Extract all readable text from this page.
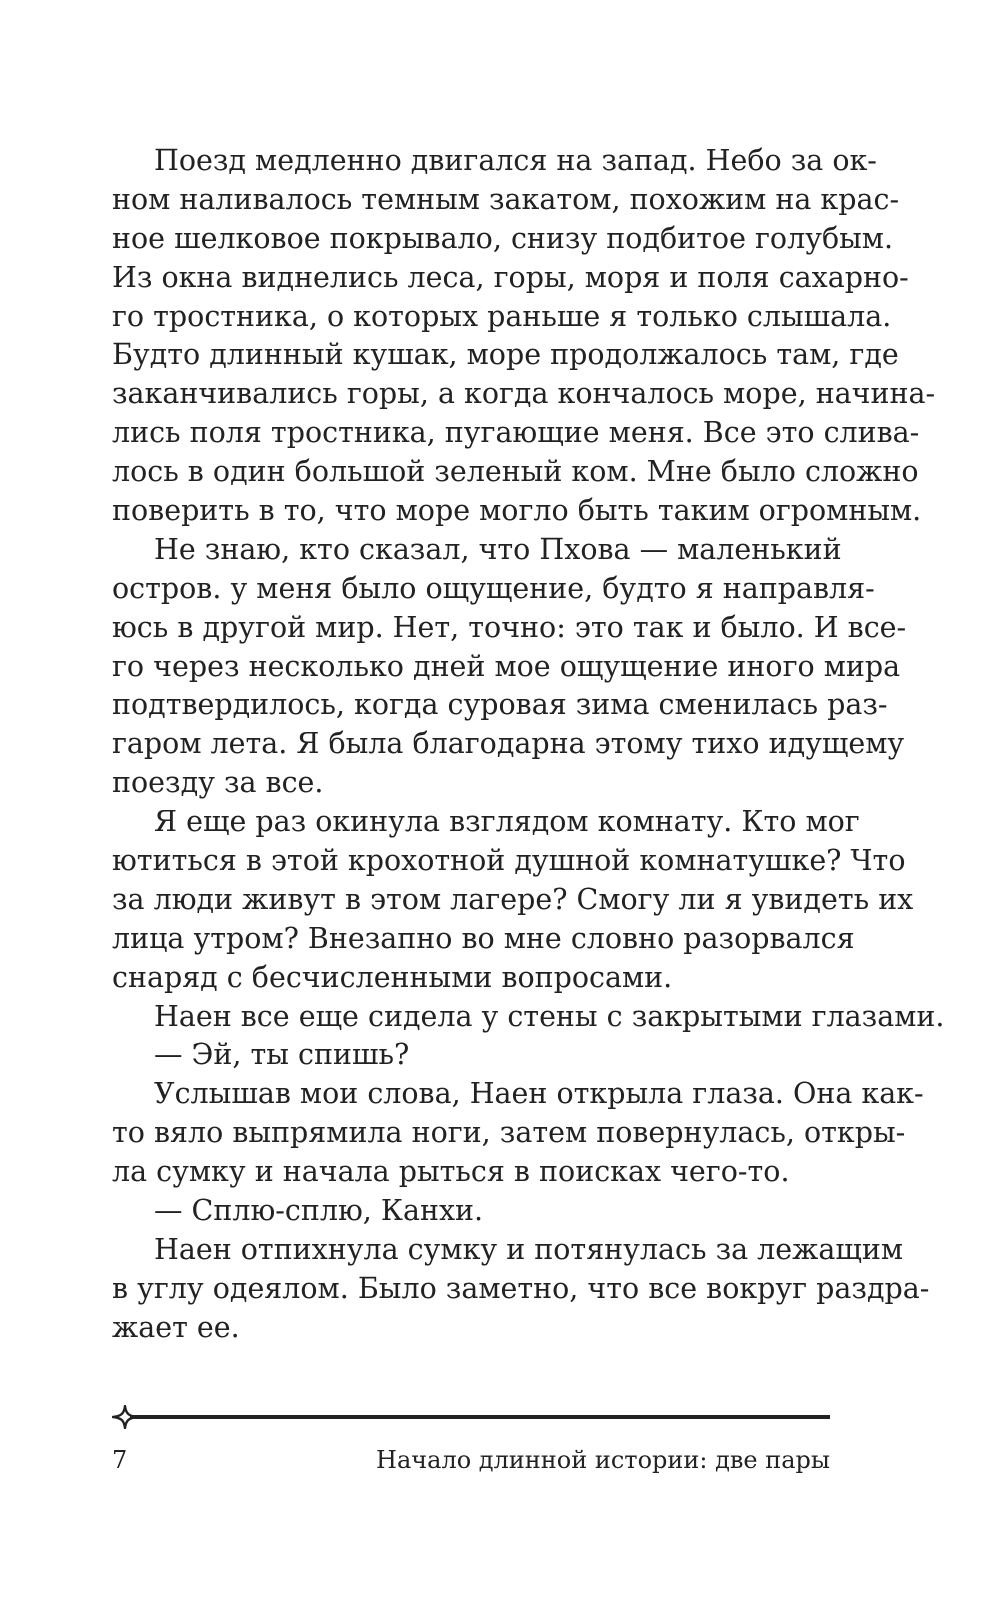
Поезд медленно двигался на запад. Небо за ок-
ном наливалось темным закатом, похожим на крас-
ное шелковое покрывало, снизу подбитое голубым.
Из окна виднелись леса, горы, моря и поля сахарно-
го тростника, о которых раньше я только слышала.
Будто длинный кушак, море продолжалось там, где
заканчивались горы, а когда кончалось море, начина-
лись поля тростника, пугающие меня. Все это слива-
лось в один большой зеленый ком. Мне было сложно
поверить в то, что море могло быть таким огромным.
Не знаю, кто сказал, что Пхова — маленький
остров. у меня было ощущение, будто я направля-
юсь в другой мир. Нет, точно: это так и было. И все-
го через несколько дней мое ощущение иного мира
подтвердилось, когда суровая зима сменилась раз-
гаром лета. Я была благодарна этому тихо идущему
поезду за все.
Я еще раз окинула взглядом комнату. Кто мог
ютиться в этой крохотной душной комнатушке? Что
за люди живут в этом лагере? Смогу ли я увидеть их
лица утром? Внезапно во мне словно разорвался
снаряд с бесчисленными вопросами.
Наен все еще сидела у стены с закрытыми глазами.
— Эй, ты спишь?
Услышав мои слова, Наен открыла глаза. Она как-
то вяло выпрямила ноги, затем повернулась, откры-
ла сумку и начала рыться в поисках чего-то.
— Сплю-сплю, Канхи.
Наен отпихнула сумку и потянулась за лежащим
в углу одеялом. Было заметно, что все вокруг раздра-
жает ее.
7	Начало длинной истории: две пары
